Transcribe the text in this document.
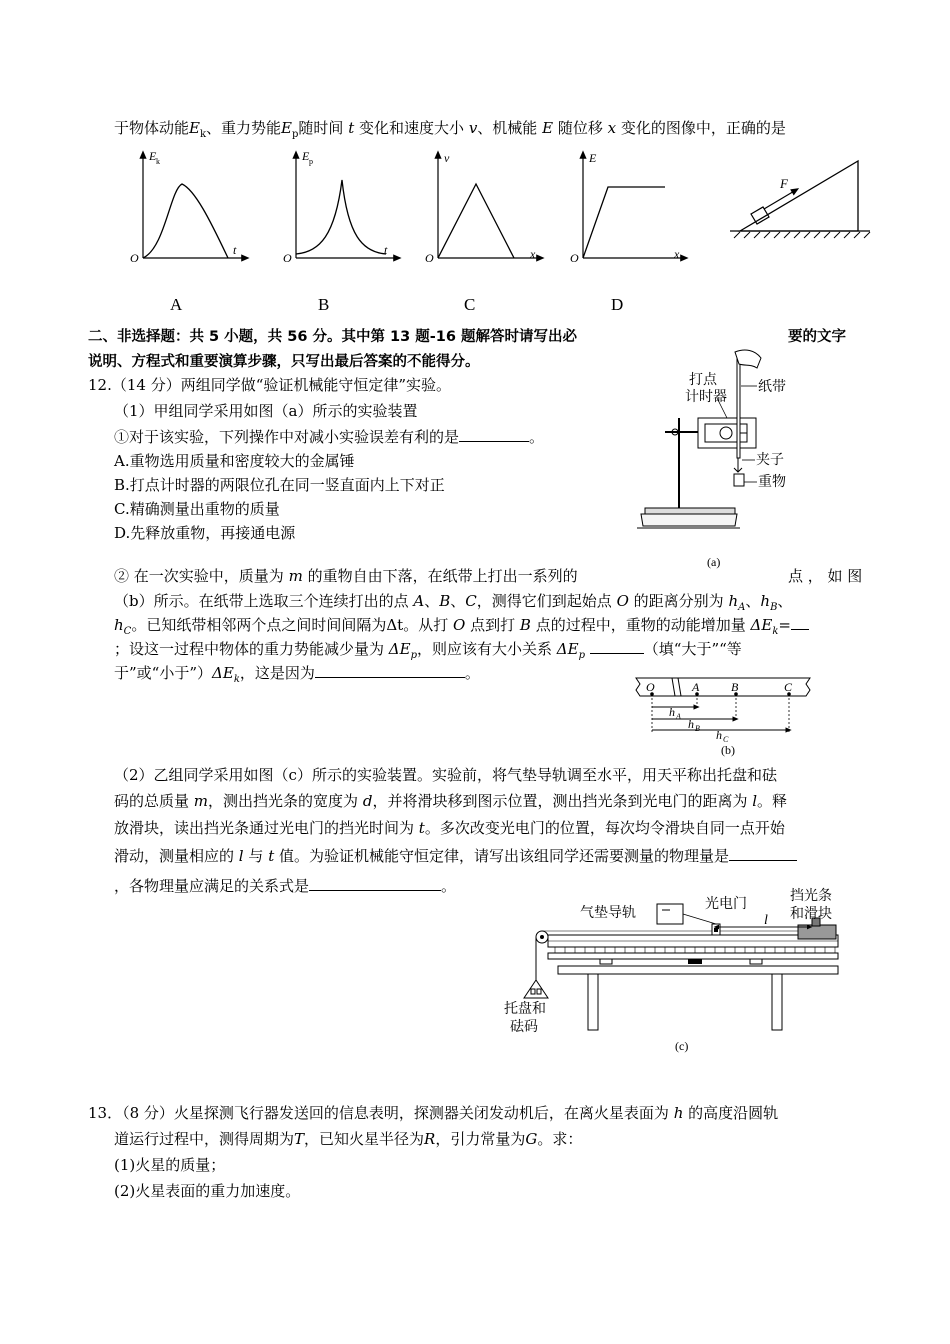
于物体动能$E_k$、重力势能$E_p$随时间 t 变化和速度大小 v、机械能 E 随位移 x 变化的图像中，正确的是
E k
O
t
E p
O
t
v
O	x
E
O	x
F
A	B	C	D
二、非选择题：共 5 小题，共 56 分。其中第 13 题-16 题解答时请写出必	要的文字
说明、方程式和重要演算步骤，只写出最后答案的不能得分。
12.（14 分）两组同学做“验证机械能守恒定律”实验。
（1）甲组同学采用如图（a）所示的实验装置
①对于该实验，下列操作中对减小实验误差有利的是	。
A.重物选用质量和密度较大的金属锤
B.打点计时器的两限位孔在同一竖直面内上下对正
C.精确测量出重物的质量
D.先释放重物，再接通电源
打点
计时器
纸带
夹子
重物
(a)
② 在一次实验中，质量为 m 的重物自由下落，在纸带上打出一系列的	点 ， 如 图
（b）所示。在纸带上选取三个连续打出的点 A、B、C，测得它们到起始点 O 的距离分别为 $h_A$、$h_B$、
$h_C$。已知纸带相邻两个点之间时间间隔为Δt。从打 O 点到打 B 点的过程中，重物的动能增加量 $\Delta E_k=$
；设这一过程中物体的重力势能减少量为 $\Delta E_p$，则应该有大小关系 $\Delta E_p$	（填“大于”“等
于”或“小于$”)\Delta E_k$，这是因为	。
O	A	B	C
h A
h B h C
(b)
（2）乙组同学采用如图（c）所示的实验装置。实验前，将气垫导轨调至水平，用天平称出托盘和砝
码的总质量 m，测出挡光条的宽度为 d，并将滑块移到图示位置，测出挡光条到光电门的距离为 l。释
放滑块，读出挡光条通过光电门的挡光时间为 t。多次改变光电门的位置，每次均令滑块自同一点开始
滑动，测量相应的 l 与 t 值。为验证机械能守恒定律，请写出该组同学还需要测量的物理量是
，各物理量应满足的关系式是	。
l
气垫导轨
光电门
挡光条
和滑块
托盘和
砝码
(c)
13．（8 分）火星探测飞行器发送回的信息表明，探测器关闭发动机后，在离火星表面为 h 的高度沿圆轨
道运行过程中，测得周期为T，已知火星半径为R，引力常量为G。求：
(1)火星的质量；
(2)火星表面的重力加速度。
